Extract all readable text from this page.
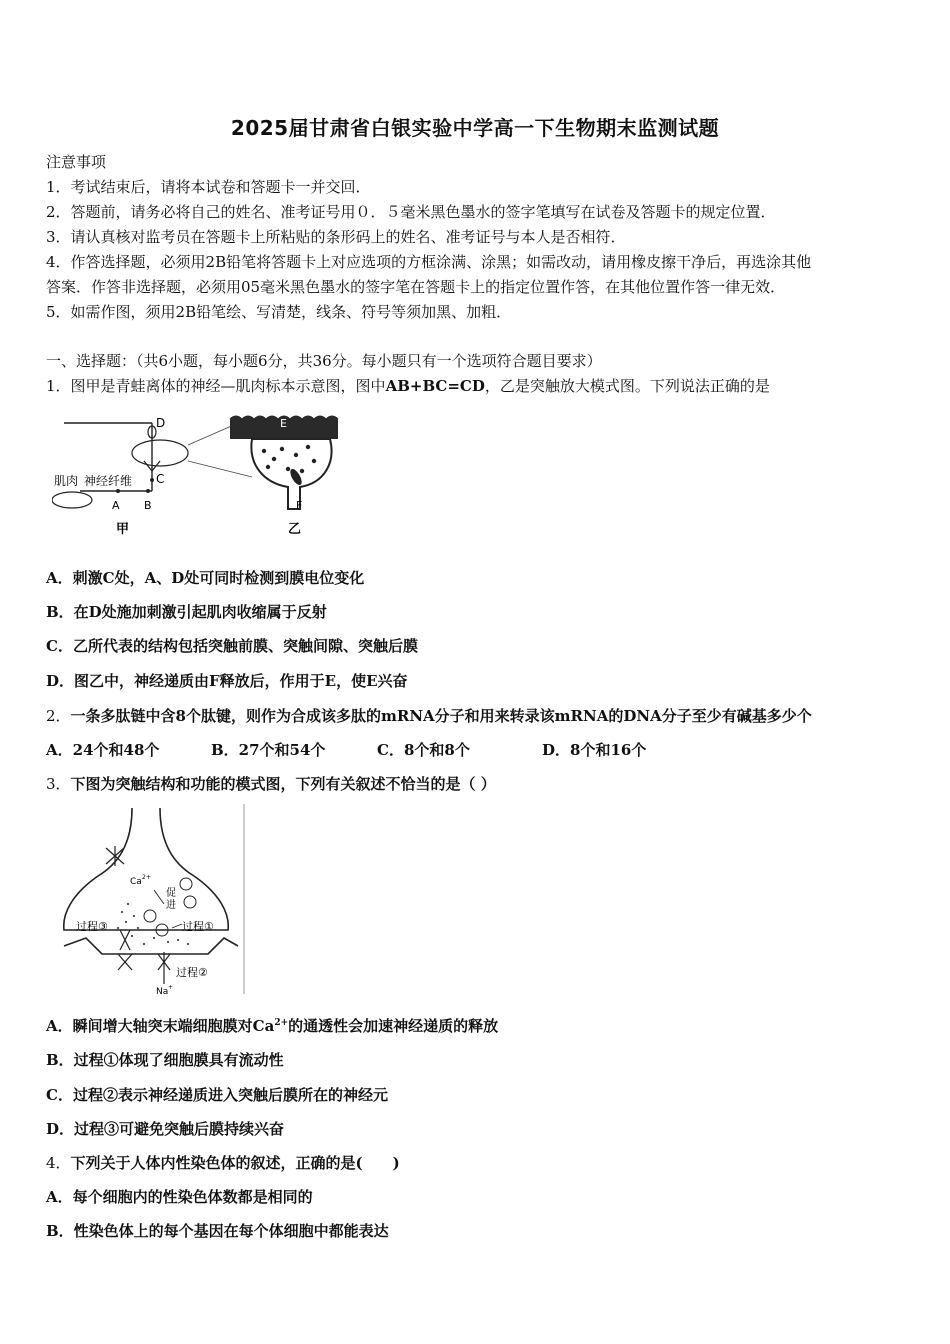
2025届甘肃省白银实验中学高一下生物期末监测试题
注意事项
1．考试结束后，请将本试卷和答题卡一并交回．
2．答题前，请务必将自己的姓名、准考证号用０．５毫米黑色墨水的签字笔填写在试卷及答题卡的规定位置．
3．请认真核对监考员在答题卡上所粘贴的条形码上的姓名、准考证号与本人是否相符．
4．作答选择题，必须用2B铅笔将答题卡上对应选项的方框涂满、涂黑；如需改动，请用橡皮擦干净后，再选涂其他
答案．作答非选择题，必须用05毫米黑色墨水的签字笔在答题卡上的指定位置作答，在其他位置作答一律无效．
5．如需作图，须用2B铅笔绘、写清楚，线条、符号等须加黑、加粗．
一、选择题：（共6小题，每小题6分，共36分。每小题只有一个选项符合题目要求）
1．图甲是青蛙离体的神经—肌肉标本示意图，图中AB+BC=CD，乙是突触放大模式图。下列说法正确的是
D
C
A B
肌肉 神经纤维
甲
E
F
乙
A．刺激C处，A、D处可同时检测到膜电位变化
B．在D处施加刺激引起肌肉收缩属于反射
C．乙所代表的结构包括突触前膜、突触间隙、突触后膜
D．图乙中，神经递质由F释放后，作用于E，使E兴奋
2．一条多肽链中含8个肽键，则作为合成该多肽的mRNA分子和用来转录该mRNA的DNA分子至少有碱基多少个
A．24个和48个	B．27个和54个	C．8个和8个	D．8个和16个
3．下图为突触结构和功能的模式图，下列有关叙述不恰当的是（ ）
Ca 2+
促
进
过程①
过程③
过程②
Na +
A．瞬间增大轴突末端细胞膜对$Ca^{2+}$的通透性会加速神经递质的释放
B．过程①体现了细胞膜具有流动性
C．过程②表示神经递质进入突触后膜所在的神经元
D．过程③可避免突触后膜持续兴奋
4．下列关于人体内性染色体的叙述，正确的是(　　)
A．每个细胞内的性染色体数都是相同的
B．性染色体上的每个基因在每个体细胞中都能表达
